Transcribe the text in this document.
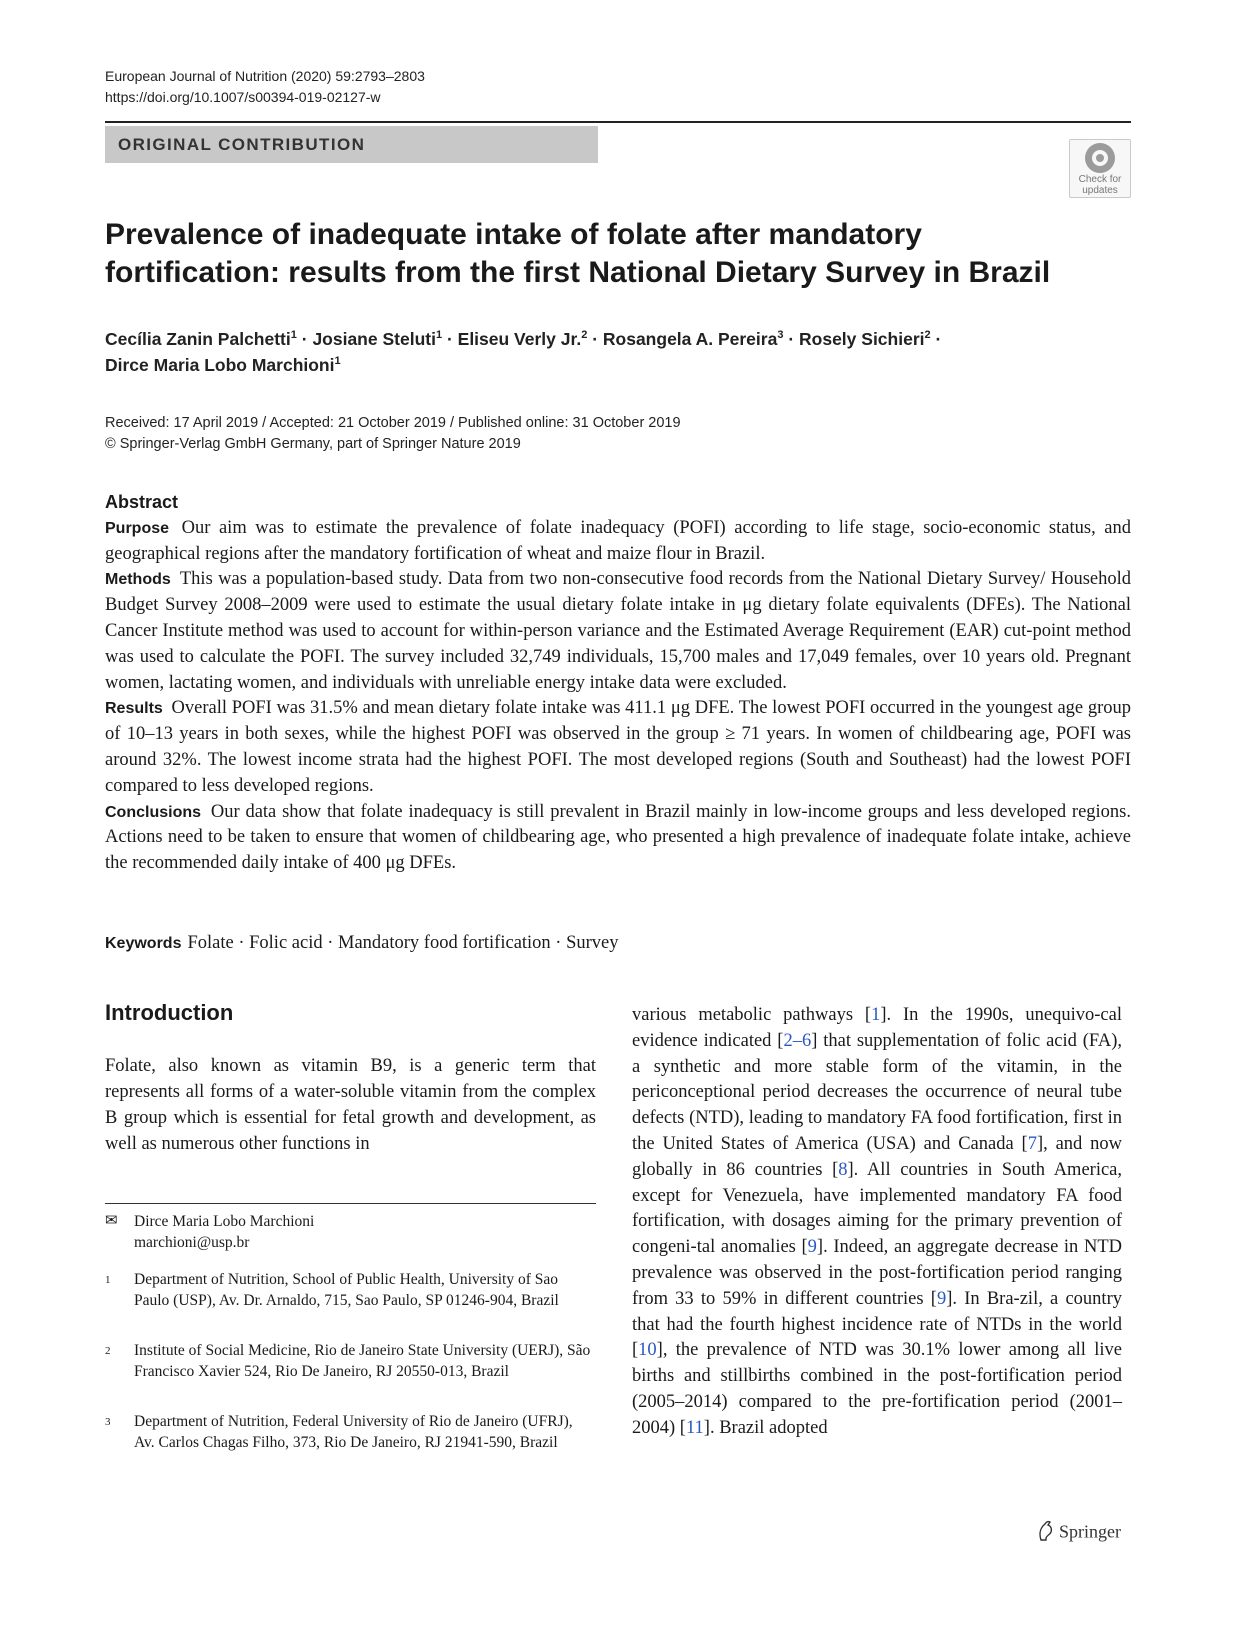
European Journal of Nutrition (2020) 59:2793–2803
https://doi.org/10.1007/s00394-019-02127-w
ORIGINAL CONTRIBUTION
Check for
updates
Prevalence of inadequate intake of folate after mandatory
fortification: results from the first National Dietary Survey in Brazil
Cecília Zanin Palchetti$^1$ · Josiane Steluti$^1$ · Eliseu Verly Jr.$^2$ · Rosangela A. Pereira$^3$ · Rosely Sichieri$^2$ ·
Dirce Maria Lobo Marchioni$^1$
Received: 17 April 2019 / Accepted: 21 October 2019 / Published online: 31 October 2019
© Springer-Verlag GmbH Germany, part of Springer Nature 2019
Abstract

Purpose Our aim was to estimate the prevalence of folate inadequacy (POFI) according to life stage, socio-economic status, and geographical regions after the mandatory fortification of wheat and maize flour in Brazil.

Methods This was a population-based study. Data from two non-consecutive food records from the National Dietary Survey/ Household Budget Survey 2008–2009 were used to estimate the usual dietary folate intake in μg dietary folate equivalents (DFEs). The National Cancer Institute method was used to account for within-person variance and the Estimated Average Requirement (EAR) cut-point method was used to calculate the POFI. The survey included 32,749 individuals, 15,700 males and 17,049 females, over 10 years old. Pregnant women, lactating women, and individuals with unreliable energy intake data were excluded.

Results Overall POFI was 31.5% and mean dietary folate intake was 411.1 μg DFE. The lowest POFI occurred in the youngest age group of 10–13 years in both sexes, while the highest POFI was observed in the group ≥ 71 years. In women of childbearing age, POFI was around 32%. The lowest income strata had the highest POFI. The most developed regions (South and Southeast) had the lowest POFI compared to less developed regions.

Conclusions Our data show that folate inadequacy is still prevalent in Brazil mainly in low-income groups and less developed regions. Actions need to be taken to ensure that women of childbearing age, who presented a high prevalence of inadequate folate intake, achieve the recommended daily intake of 400 μg DFEs.

Keywords Folate · Folic acid · Mandatory food fortification · Survey
Introduction
Folate, also known as vitamin B9, is a generic term that represents all forms of a water-soluble vitamin from the complex B group which is essential for fetal growth and development, as well as numerous other functions in
various metabolic pathways [1]. In the 1990s, unequivo-cal evidence indicated [2–6] that supplementation of folic acid (FA), a synthetic and more stable form of the vitamin, in the periconceptional period decreases the occurrence of neural tube defects (NTD), leading to mandatory FA food fortification, first in the United States of America (USA) and Canada [7], and now globally in 86 countries [8]. All countries in South America, except for Venezuela, have implemented mandatory FA food fortification, with dosages aiming for the primary prevention of congeni-tal anomalies [9]. Indeed, an aggregate decrease in NTD prevalence was observed in the post-fortification period ranging from 33 to 59% in different countries [9]. In Bra-zil, a country that had the fourth highest incidence rate of NTDs in the world [10], the prevalence of NTD was 30.1% lower among all live births and stillbirths combined in the post-fortification period (2005–2014) compared to the pre-fortification period (2001–2004) [11]. Brazil adopted
✉ Dirce Maria Lobo Marchioni
marchioni@usp.br
1 Department of Nutrition, School of Public Health, University of Sao Paulo (USP), Av. Dr. Arnaldo, 715, Sao Paulo, SP 01246-904, Brazil
2 Institute of Social Medicine, Rio de Janeiro State University (UERJ), São Francisco Xavier 524, Rio De Janeiro, RJ 20550-013, Brazil
3 Department of Nutrition, Federal University of Rio de Janeiro (UFRJ), Av. Carlos Chagas Filho, 373, Rio De Janeiro, RJ 21941-590, Brazil
Springer
